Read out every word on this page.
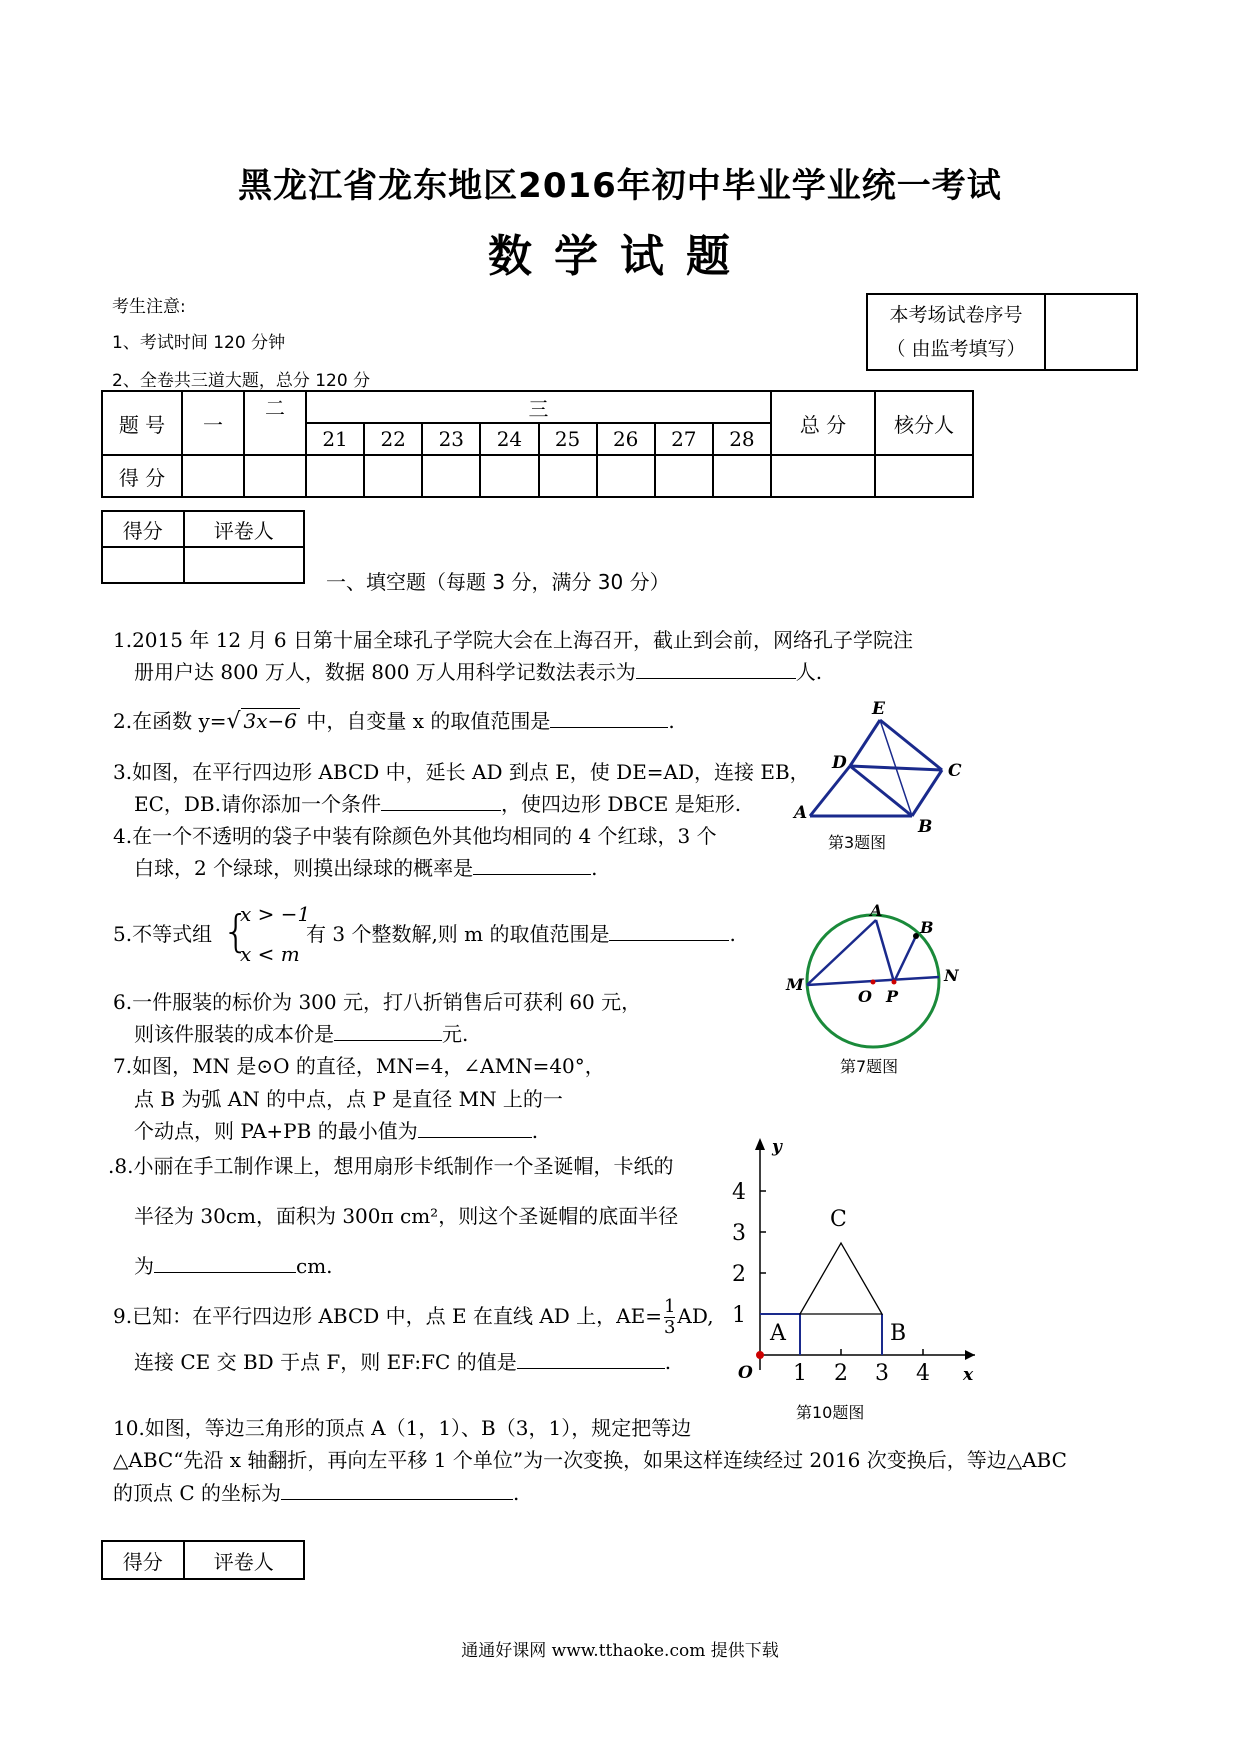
黑龙江省龙东地区2016年初中毕业学业统一考试
数学试题
考生注意:
1、考试时间 120 分钟
2、全卷共三道大题，总分 120 分
本考场试卷序号
（ 由监考填写）

题 号	一	二	三								总 分	核分人
			21	22	23	24	25	26	27	28		
得 分												
得分	评卷人

一、填空题（每题 3 分，满分 30 分）
1.2015 年 12 月 6 日第十届全球孔子学院大会在上海召开，截止到会前，网络孔子学院注
册用户达 800 万人，数据 800 万人用科学记数法表示为	人.
2.在函数 y=√ 3x−6 中，自变量 x 的取值范围是	.
3.如图，在平行四边形 ABCD 中，延长 AD 到点 E，使 DE=AD，连接 EB，
EC，DB.请你添加一个条件	，使四边形 DBCE 是矩形.
4.在一个不透明的袋子中装有除颜色外其他均相同的 4 个红球，3 个
白球，2 个绿球，则摸出绿球的概率是	.
5.不等式组 {
x > −1
x < m
有 3 个整数解,则 m 的取值范围是	.
6.一件服装的标价为 300 元，打八折销售后可获利 60 元，
则该件服装的成本价是	元.
7.如图，MN 是⊙O 的直径，MN=4，∠AMN=40°，
点 B 为弧 AN 的中点，点 P 是直径 MN 上的一
个动点，则 PA+PB 的最小值为	.
.8.小丽在手工制作课上，想用扇形卡纸制作一个圣诞帽，卡纸的
半径为 30cm，面积为 300π cm²，则这个圣诞帽的底面半径
为	cm.
9.已知：在平行四边形 ABCD 中，点 E 在直线 AD 上，$AE= \frac{1}{3}$ AD,
连接 CE 交 BD 于点 F，则 EF:FC 的值是	.
10.如图，等边三角形的顶点 A（1，1）、B（3，1），规定把等边
△ABC“先沿 x 轴翻折，再向左平移 1 个单位”为一次变换，如果这样连续经过 2016 次变换后，等边△ABC
的顶点 C 的坐标为	.
得分	评卷人
A
B
C
D
E
第3题图
A
B
M	N
O P
第7题图
1 2 3 4
1
2
3
4
A	B
C
O	x
y
第10题图
通通好课网 www.tthaoke.com 提供下载
